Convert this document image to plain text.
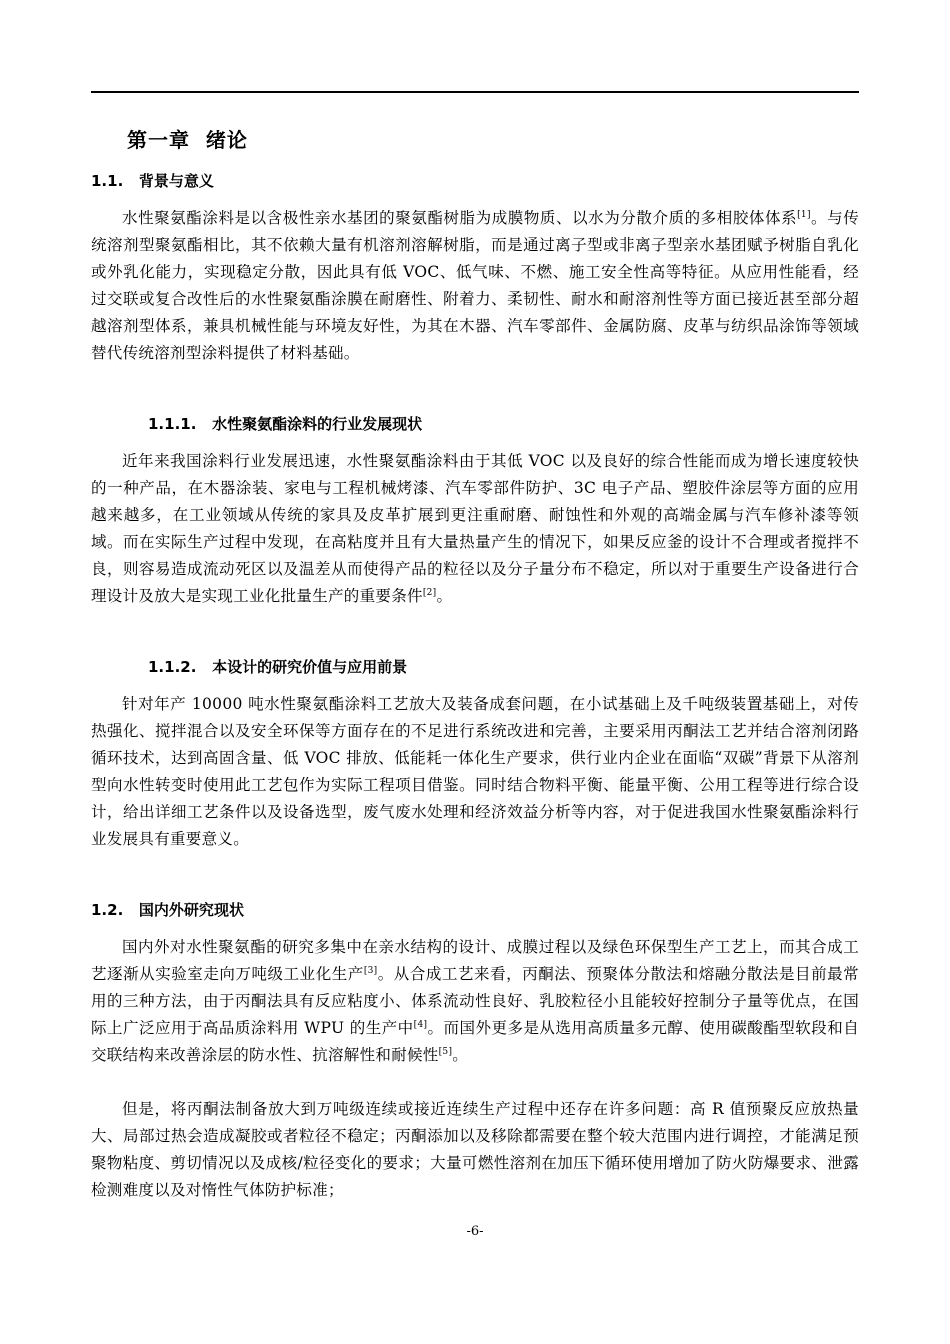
第一章  绪论
1.1.   背景与意义
水性聚氨酯涂料是以含极性亲水基团的聚氨酯树脂为成膜物质、以水为分散介质的多相胶体体系[1]。与传统溶剂型聚氨酯相比，其不依赖大量有机溶剂溶解树脂，而是通过离子型或非离子型亲水基团赋予树脂自乳化或外乳化能力，实现稳定分散，因此具有低 VOC、低气味、不燃、施工安全性高等特征。从应用性能看，经过交联或复合改性后的水性聚氨酯涂膜在耐磨性、附着力、柔韧性、耐水和耐溶剂性等方面已接近甚至部分超越溶剂型体系，兼具机械性能与环境友好性，为其在木器、汽车零部件、金属防腐、皮革与纺织品涂饰等领域替代传统溶剂型涂料提供了材料基础。
1.1.1.   水性聚氨酯涂料的行业发展现状
近年来我国涂料行业发展迅速，水性聚氨酯涂料由于其低 VOC 以及良好的综合性能而成为增长速度较快的一种产品，在木器涂装、家电与工程机械烤漆、汽车零部件防护、3C 电子产品、塑胶件涂层等方面的应用越来越多，在工业领域从传统的家具及皮革扩展到更注重耐磨、耐蚀性和外观的高端金属与汽车修补漆等领域。而在实际生产过程中发现，在高粘度并且有大量热量产生的情况下，如果反应釜的设计不合理或者搅拌不良，则容易造成流动死区以及温差从而使得产品的粒径以及分子量分布不稳定，所以对于重要生产设备进行合理设计及放大是实现工业化批量生产的重要条件[2]。
1.1.2.   本设计的研究价值与应用前景
针对年产 10000 吨水性聚氨酯涂料工艺放大及装备成套问题，在小试基础上及千吨级装置基础上，对传热强化、搅拌混合以及安全环保等方面存在的不足进行系统改进和完善，主要采用丙酮法工艺并结合溶剂闭路循环技术，达到高固含量、低 VOC 排放、低能耗一体化生产要求，供行业内企业在面临“双碳”背景下从溶剂型向水性转变时使用此工艺包作为实际工程项目借鉴。同时结合物料平衡、能量平衡、公用工程等进行综合设计，给出详细工艺条件以及设备选型，废气废水处理和经济效益分析等内容，对于促进我国水性聚氨酯涂料行业发展具有重要意义。
1.2.   国内外研究现状
国内外对水性聚氨酯的研究多集中在亲水结构的设计、成膜过程以及绿色环保型生产工艺上，而其合成工艺逐渐从实验室走向万吨级工业化生产[3]。从合成工艺来看，丙酮法、预聚体分散法和熔融分散法是目前最常用的三种方法，由于丙酮法具有反应粘度小、体系流动性良好、乳胶粒径小且能较好控制分子量等优点，在国际上广泛应用于高品质涂料用 WPU 的生产中[4]。而国外更多是从选用高质量多元醇、使用碳酸酯型软段和自交联结构来改善涂层的防水性、抗溶解性和耐候性[5]。
但是，将丙酮法制备放大到万吨级连续或接近连续生产过程中还存在许多问题：高 R 值预聚反应放热量大、局部过热会造成凝胶或者粒径不稳定；丙酮添加以及移除都需要在整个较大范围内进行调控，才能满足预聚物粘度、剪切情况以及成核/粒径变化的要求；大量可燃性溶剂在加压下循环使用增加了防火防爆要求、泄露检测难度以及对惰性气体防护标准；
-6-
